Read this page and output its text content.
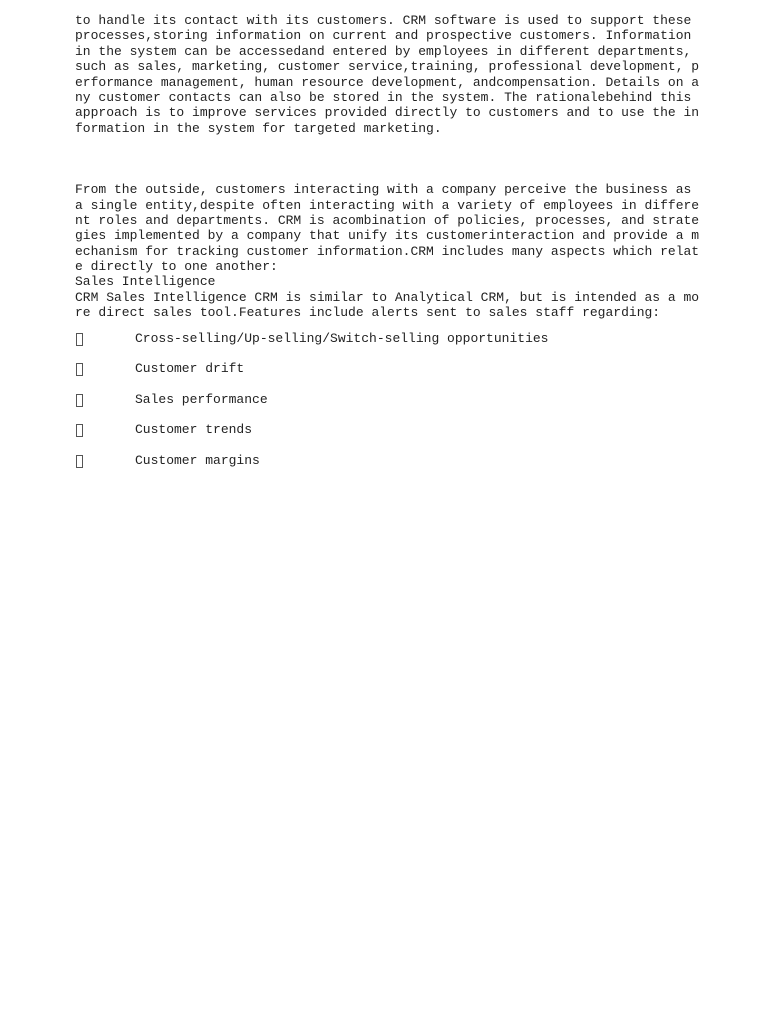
to handle its contact with its customers. CRM software is used to support these
processes,storing information on current and prospective customers. Information
in the system can be accessedand entered by employees in different departments,
such as sales, marketing, customer service,training, professional development, p
erformance management, human resource development, andcompensation. Details on a
ny customer contacts can also be stored in the system. The rationalebehind this
approach is to improve services provided directly to customers and to use the in
formation in the system for targeted marketing.
From the outside, customers interacting with a company perceive the business as
a single entity,despite often interacting with a variety of employees in differe
nt roles and departments. CRM is acombination of policies, processes, and strate
gies implemented by a company that unify its customerinteraction and provide a m
echanism for tracking customer information.CRM includes many aspects which relat
e directly to one another:
Sales Intelligence
CRM Sales Intelligence CRM is similar to Analytical CRM, but is intended as a mo
re direct sales tool.Features include alerts sent to sales staff regarding:
Cross-selling/Up-selling/Switch-selling opportunities
Customer drift
Sales performance
Customer trends
Customer margins
